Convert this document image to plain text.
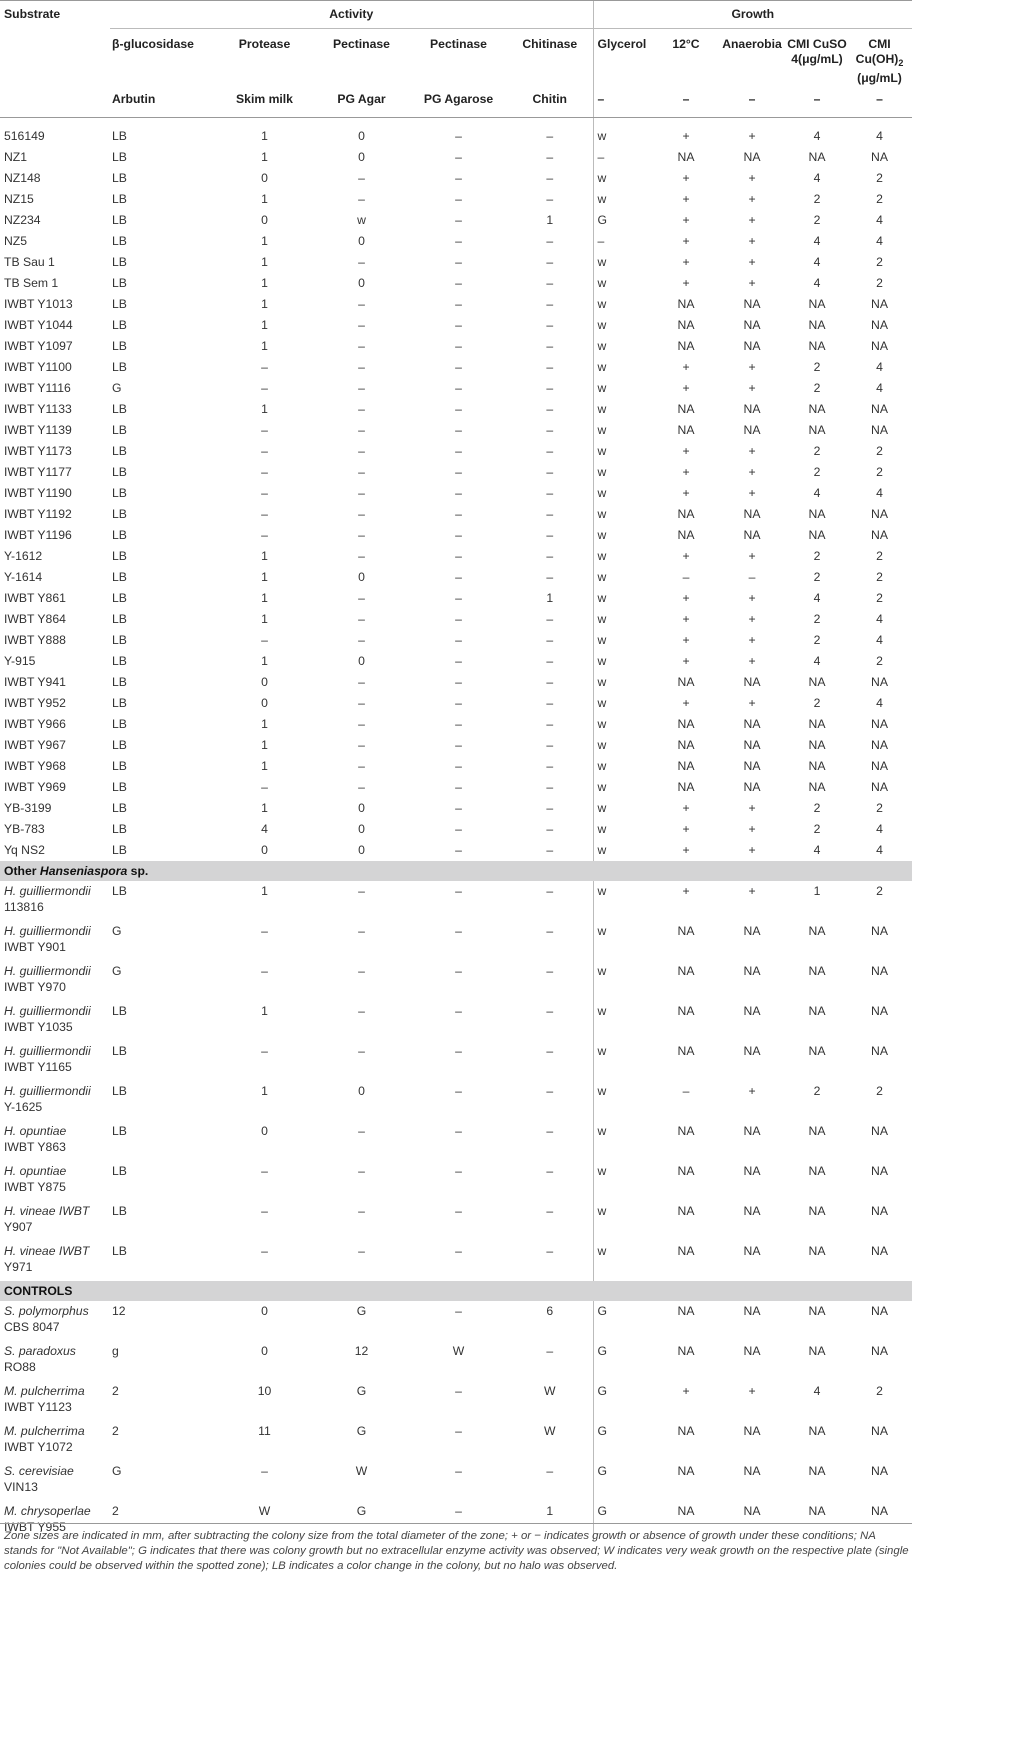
Substrate	Activity					Growth				
	β-glucosidase	Protease	Pectinase	Pectinase	Chitinase	Glycerol	12°C	Anaerobia	CMI CuSO
4(μg/mL)	CMI $Cu(OH)_2$
(μg/mL)
	Arbutin	Skim milk	PG Agar	PG Agarose	Chitin	–	–	–	–	–
516149	LB	1	0	–	–	w	+	+	4	4
NZ1	LB	1	0	–	–	–	NA	NA	NA	NA
NZ148	LB	0	–	–	–	w	+	+	4	2
NZ15	LB	1	–	–	–	w	+	+	2	2
NZ234	LB	0	w	–	1	G	+	+	2	4
NZ5	LB	1	0	–	–	–	+	+	4	4
TB Sau 1	LB	1	–	–	–	w	+	+	4	2
TB Sem 1	LB	1	0	–	–	w	+	+	4	2
IWBT Y1013	LB	1	–	–	–	w	NA	NA	NA	NA
IWBT Y1044	LB	1	–	–	–	w	NA	NA	NA	NA
IWBT Y1097	LB	1	–	–	–	w	NA	NA	NA	NA
IWBT Y1100	LB	–	–	–	–	w	+	+	2	4
IWBT Y1116	G	–	–	–	–	w	+	+	2	4
IWBT Y1133	LB	1	–	–	–	w	NA	NA	NA	NA
IWBT Y1139	LB	–	–	–	–	w	NA	NA	NA	NA
IWBT Y1173	LB	–	–	–	–	w	+	+	2	2
IWBT Y1177	LB	–	–	–	–	w	+	+	2	2
IWBT Y1190	LB	–	–	–	–	w	+	+	4	4
IWBT Y1192	LB	–	–	–	–	w	NA	NA	NA	NA
IWBT Y1196	LB	–	–	–	–	w	NA	NA	NA	NA
Y-1612	LB	1	–	–	–	w	+	+	2	2
Y-1614	LB	1	0	–	–	w	–	–	2	2
IWBT Y861	LB	1	–	–	1	w	+	+	4	2
IWBT Y864	LB	1	–	–	–	w	+	+	2	4
IWBT Y888	LB	–	–	–	–	w	+	+	2	4
Y-915	LB	1	0	–	–	w	+	+	4	2
IWBT Y941	LB	0	–	–	–	w	NA	NA	NA	NA
IWBT Y952	LB	0	–	–	–	w	+	+	2	4
IWBT Y966	LB	1	–	–	–	w	NA	NA	NA	NA
IWBT Y967	LB	1	–	–	–	w	NA	NA	NA	NA
IWBT Y968	LB	1	–	–	–	w	NA	NA	NA	NA
IWBT Y969	LB	–	–	–	–	w	NA	NA	NA	NA
YB-3199	LB	1	0	–	–	w	+	+	2	2
YB-783	LB	4	0	–	–	w	+	+	2	4
Yq NS2	LB	0	0	–	–	w	+	+	4	4
Other Hanseniaspora sp.										
H. guilliermondii
113816	LB	1	–	–	–	w	+	+	1	2
H. guilliermondii
IWBT Y901	G	–	–	–	–	w	NA	NA	NA	NA
H. guilliermondii
IWBT Y970	G	–	–	–	–	w	NA	NA	NA	NA
H. guilliermondii
IWBT Y1035	LB	1	–	–	–	w	NA	NA	NA	NA
H. guilliermondii
IWBT Y1165	LB	–	–	–	–	w	NA	NA	NA	NA
H. guilliermondii
Y-1625	LB	1	0	–	–	w	–	+	2	2
H. opuntiae
IWBT Y863	LB	0	–	–	–	w	NA	NA	NA	NA
H. opuntiae
IWBT Y875	LB	–	–	–	–	w	NA	NA	NA	NA
H. vineae IWBT
Y907	LB	–	–	–	–	w	NA	NA	NA	NA
H. vineae IWBT
Y971	LB	–	–	–	–	w	NA	NA	NA	NA
CONTROLS										
S. polymorphus
CBS 8047	12	0	G	–	6	G	NA	NA	NA	NA
S. paradoxus
RO88	g	0	12	W	–	G	NA	NA	NA	NA
M. pulcherrima
IWBT Y1123	2	10	G	–	W	G	+	+	4	2
M. pulcherrima
IWBT Y1072	2	11	G	–	W	G	NA	NA	NA	NA
S. cerevisiae
VIN13	G	–	W	–	–	G	NA	NA	NA	NA
M. chrysoperlae
IWBT Y955	2	W	G	–	1	G	NA	NA	NA	NA
Zone sizes are indicated in mm, after subtracting the colony size from the total diameter of the zone; + or − indicates growth or absence of growth under these conditions; NA stands for "Not Available"; G indicates that there was colony growth but no extracellular enzyme activity was observed; W indicates very weak growth on the respective plate (single colonies could be observed within the spotted zone); LB indicates a color change in the colony, but no halo was observed.
